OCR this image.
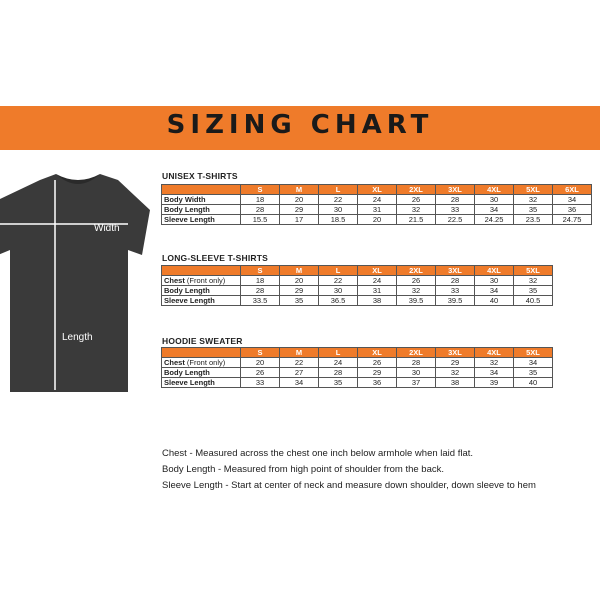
SIZING CHART
Width
Length
UNISEX T-SHIRTS
	S	M	L	XL	2XL	3XL	4XL	5XL	6XL
Body Width	18	20	22	24	26	28	30	32	34
Body Length	28	29	30	31	32	33	34	35	36
Sleeve Length	15.5	17	18.5	20	21.5	22.5	24.25	23.5	24.75
LONG-SLEEVE T-SHIRTS
	S	M	L	XL	2XL	3XL	4XL	5XL
Chest (Front only)	18	20	22	24	26	28	30	32
Body Length	28	29	30	31	32	33	34	35
Sleeve Length	33.5	35	36.5	38	39.5	39.5	40	40.5
HOODIE SWEATER
	S	M	L	XL	2XL	3XL	4XL	5XL
Chest (Front only)	20	22	24	26	28	29	32	34
Body Length	26	27	28	29	30	32	34	35
Sleeve Length	33	34	35	36	37	38	39	40
Chest - Measured across the chest one inch below armhole when laid flat.
Body Length - Measured from high point of shoulder from the back.
Sleeve Length - Start at center of neck and measure down shoulder, down sleeve to hem
